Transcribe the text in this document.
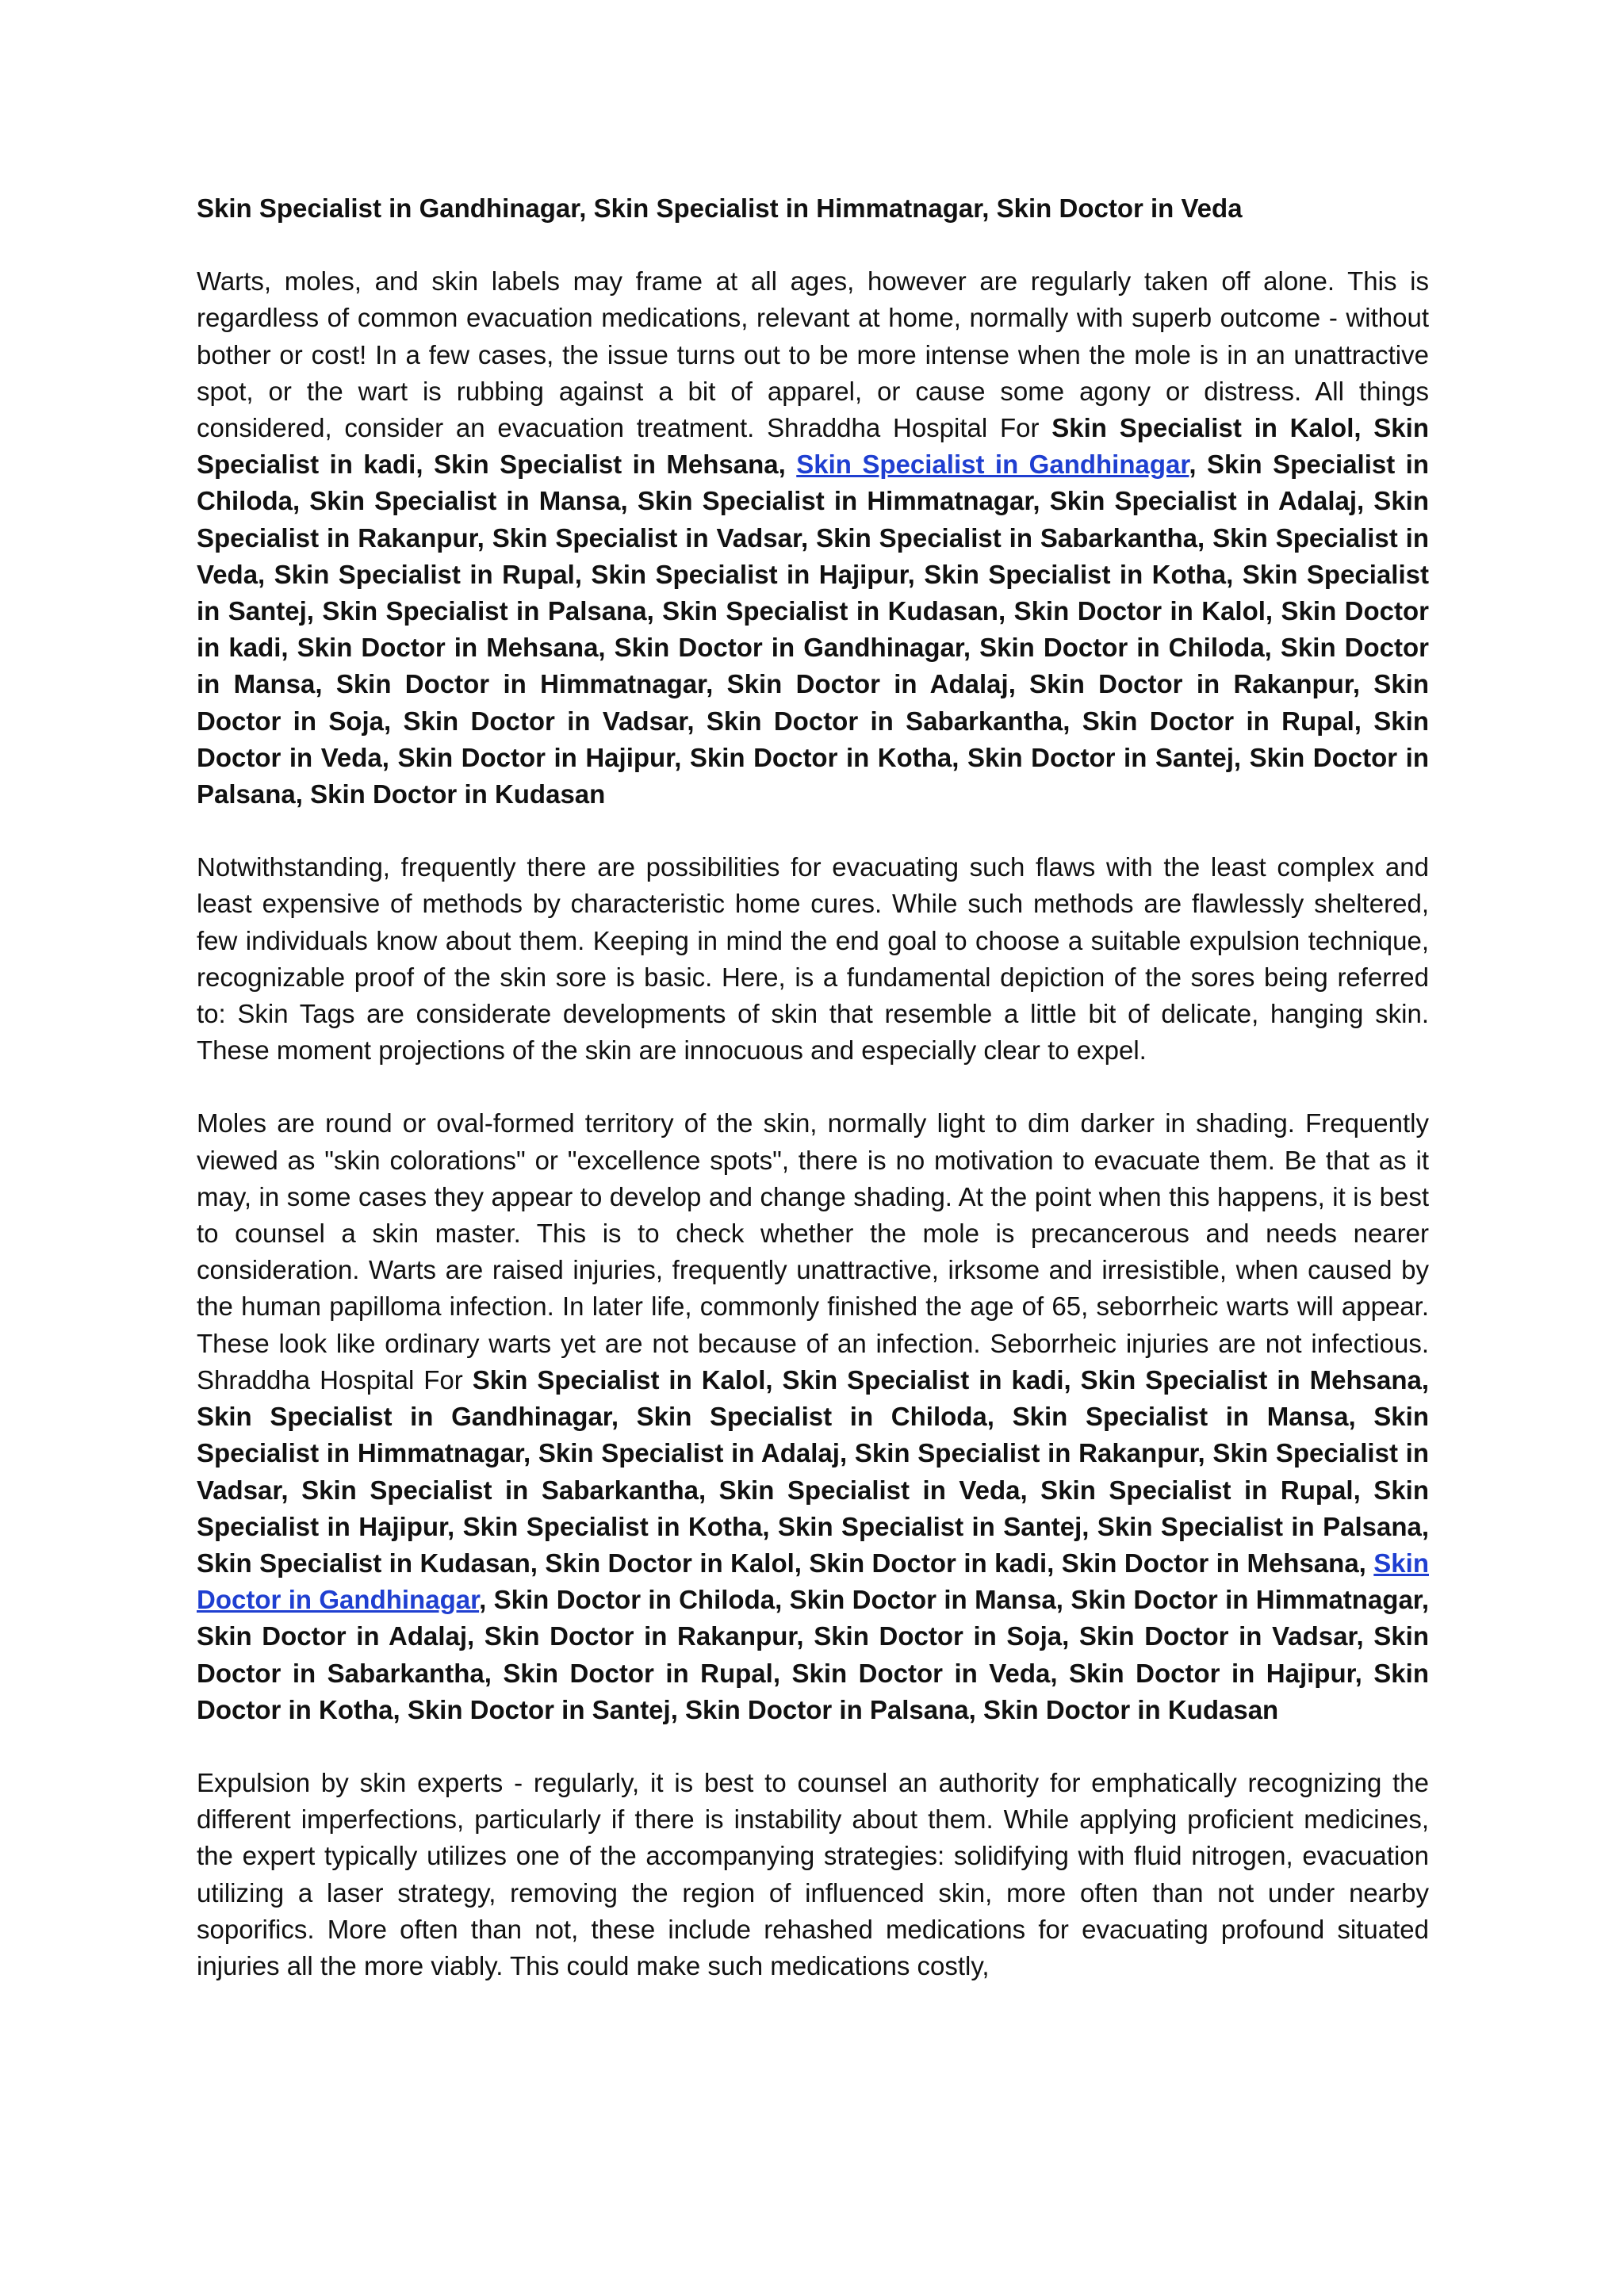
Skin Specialist in Gandhinagar, Skin Specialist in Himmatnagar, Skin Doctor in Veda

Warts, moles, and skin labels may frame at all ages, however are regularly taken off alone. This is regardless of common evacuation medications, relevant at home, normally with superb outcome - without bother or cost! In a few cases, the issue turns out to be more intense when the mole is in an unattractive spot, or the wart is rubbing against a bit of apparel, or cause some agony or distress. All things considered, consider an evacuation treatment. Shraddha Hospital For Skin Specialist in Kalol, Skin Specialist in kadi, Skin Specialist in Mehsana, Skin Specialist in Gandhinagar, Skin Specialist in Chiloda, Skin Specialist in Mansa, Skin Specialist in Himmatnagar, Skin Specialist in Adalaj, Skin Specialist in Rakanpur, Skin Specialist in Vadsar, Skin Specialist in Sabarkantha, Skin Specialist in Veda, Skin Specialist in Rupal, Skin Specialist in Hajipur, Skin Specialist in Kotha, Skin Specialist in Santej, Skin Specialist in Palsana, Skin Specialist in Kudasan, Skin Doctor in Kalol, Skin Doctor in kadi, Skin Doctor in Mehsana, Skin Doctor in Gandhinagar, Skin Doctor in Chiloda, Skin Doctor in Mansa, Skin Doctor in Himmatnagar, Skin Doctor in Adalaj, Skin Doctor in Rakanpur, Skin Doctor in Soja, Skin Doctor in Vadsar, Skin Doctor in Sabarkantha, Skin Doctor in Rupal, Skin Doctor in Veda, Skin Doctor in Hajipur, Skin Doctor in Kotha, Skin Doctor in Santej, Skin Doctor in Palsana, Skin Doctor in Kudasan

Notwithstanding, frequently there are possibilities for evacuating such flaws with the least complex and least expensive of methods by characteristic home cures. While such methods are flawlessly sheltered, few individuals know about them. Keeping in mind the end goal to choose a suitable expulsion technique, recognizable proof of the skin sore is basic. Here, is a fundamental depiction of the sores being referred to: Skin Tags are considerate developments of skin that resemble a little bit of delicate, hanging skin. These moment projections of the skin are innocuous and especially clear to expel.

Moles are round or oval-formed territory of the skin, normally light to dim darker in shading. Frequently viewed as "skin colorations" or "excellence spots", there is no motivation to evacuate them. Be that as it may, in some cases they appear to develop and change shading. At the point when this happens, it is best to counsel a skin master. This is to check whether the mole is precancerous and needs nearer consideration. Warts are raised injuries, frequently unattractive, irksome and irresistible, when caused by the human papilloma infection. In later life, commonly finished the age of 65, seborrheic warts will appear. These look like ordinary warts yet are not because of an infection. Seborrheic injuries are not infectious. Shraddha Hospital For Skin Specialist in Kalol, Skin Specialist in kadi, Skin Specialist in Mehsana, Skin Specialist in Gandhinagar, Skin Specialist in Chiloda, Skin Specialist in Mansa, Skin Specialist in Himmatnagar, Skin Specialist in Adalaj, Skin Specialist in Rakanpur, Skin Specialist in Vadsar, Skin Specialist in Sabarkantha, Skin Specialist in Veda, Skin Specialist in Rupal, Skin Specialist in Hajipur, Skin Specialist in Kotha, Skin Specialist in Santej, Skin Specialist in Palsana, Skin Specialist in Kudasan, Skin Doctor in Kalol, Skin Doctor in kadi, Skin Doctor in Mehsana, Skin Doctor in Gandhinagar, Skin Doctor in Chiloda, Skin Doctor in Mansa, Skin Doctor in Himmatnagar, Skin Doctor in Adalaj, Skin Doctor in Rakanpur, Skin Doctor in Soja, Skin Doctor in Vadsar, Skin Doctor in Sabarkantha, Skin Doctor in Rupal, Skin Doctor in Veda, Skin Doctor in Hajipur, Skin Doctor in Kotha, Skin Doctor in Santej, Skin Doctor in Palsana, Skin Doctor in Kudasan

Expulsion by skin experts - regularly, it is best to counsel an authority for emphatically recognizing the different imperfections, particularly if there is instability about them. While applying proficient medicines, the expert typically utilizes one of the accompanying strategies: solidifying with fluid nitrogen, evacuation utilizing a laser strategy, removing the region of influenced skin, more often than not under nearby soporifics. More often than not, these include rehashed medications for evacuating profound situated injuries all the more viably. This could make such medications costly,
